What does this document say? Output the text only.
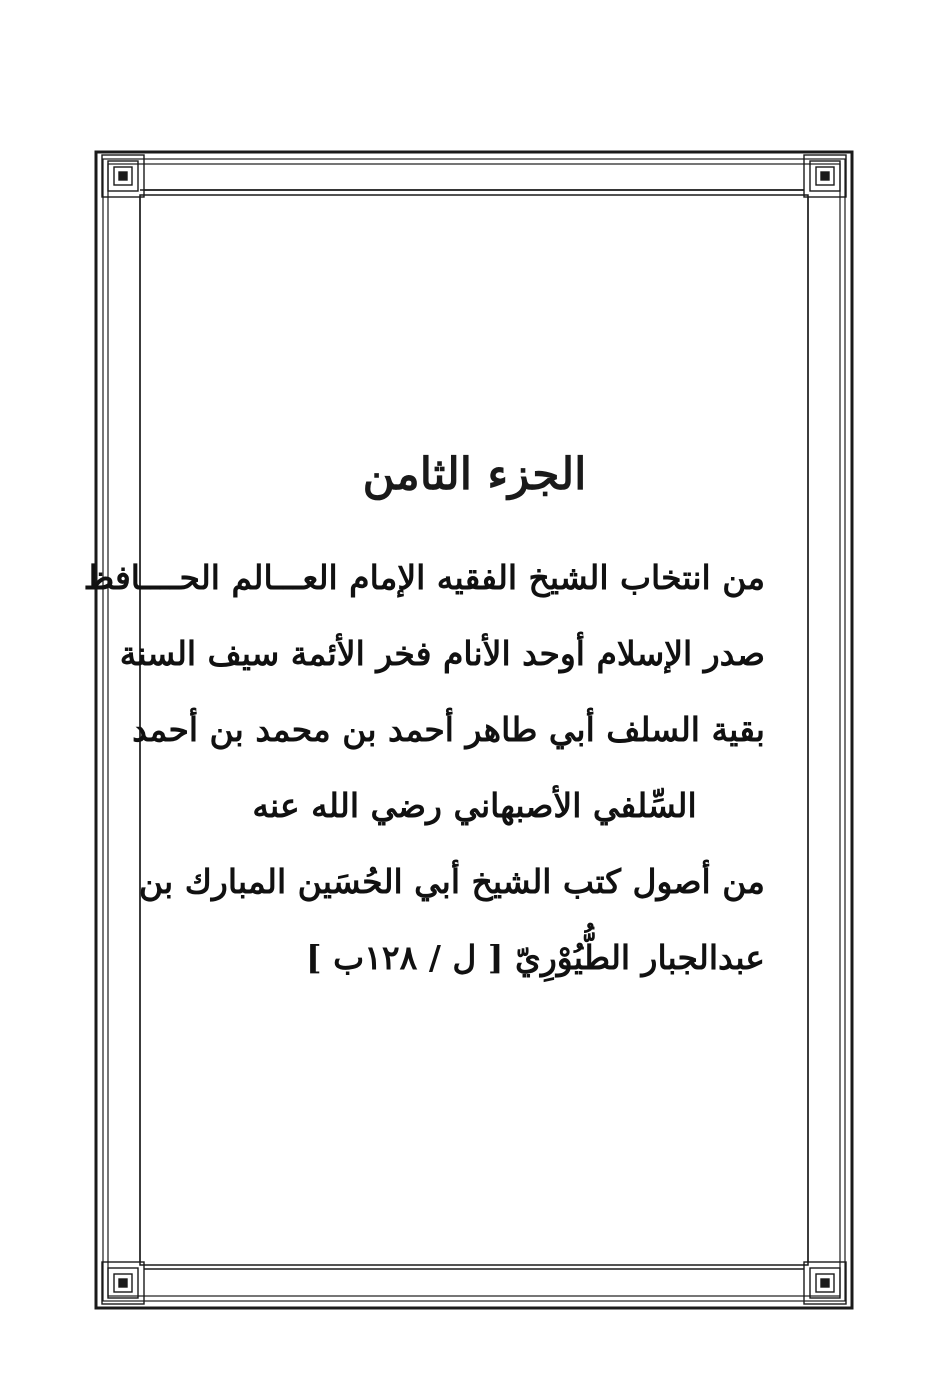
الجزء الثامن

من انتخاب الشيخ الفقيه الإمام العـــالم الحــــافظ

صدر الإسلام أوحد الأنام فخر الأئمة سيف السنة

بقية السلف أبي طاهر أحمد بن محمد بن أحمد

السِّلفي الأصبهاني رضي الله عنه

من أصول كتب الشيخ أبي الحُسَين المبارك بن

عبدالجبار الطُّيُوْرِيّ [ ل / ١٢٨ب ]
